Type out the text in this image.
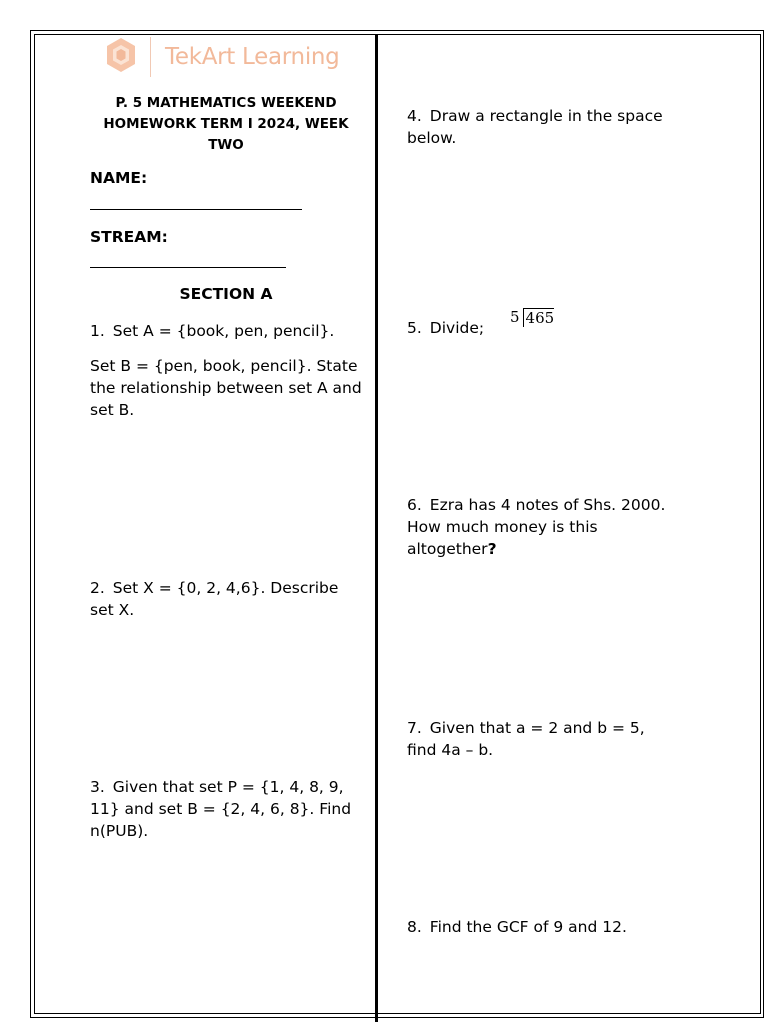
TekArt Learning
P. 5 MATHEMATICS WEEKEND HOMEWORK TERM I 2024, WEEK TWO
NAME:
STREAM:
SECTION A
1. Set A = {book, pen, pencil}.
Set B = {pen, book, pencil}. State the relationship between set A and set B.
2. Set X = {0, 2, 4,6}. Describe set X.
3. Given that set P = {1, 4, 8, 9, 11} and set B = {2, 4, 6, 8}. Find n(PUB).
4. Draw a rectangle in the space below.
5. Divide;
5 465
6. Ezra has 4 notes of Shs. 2000. How much money is this altogether?
7. Given that a = 2 and b = 5, find 4a – b.
8. Find the GCF of 9 and 12.
